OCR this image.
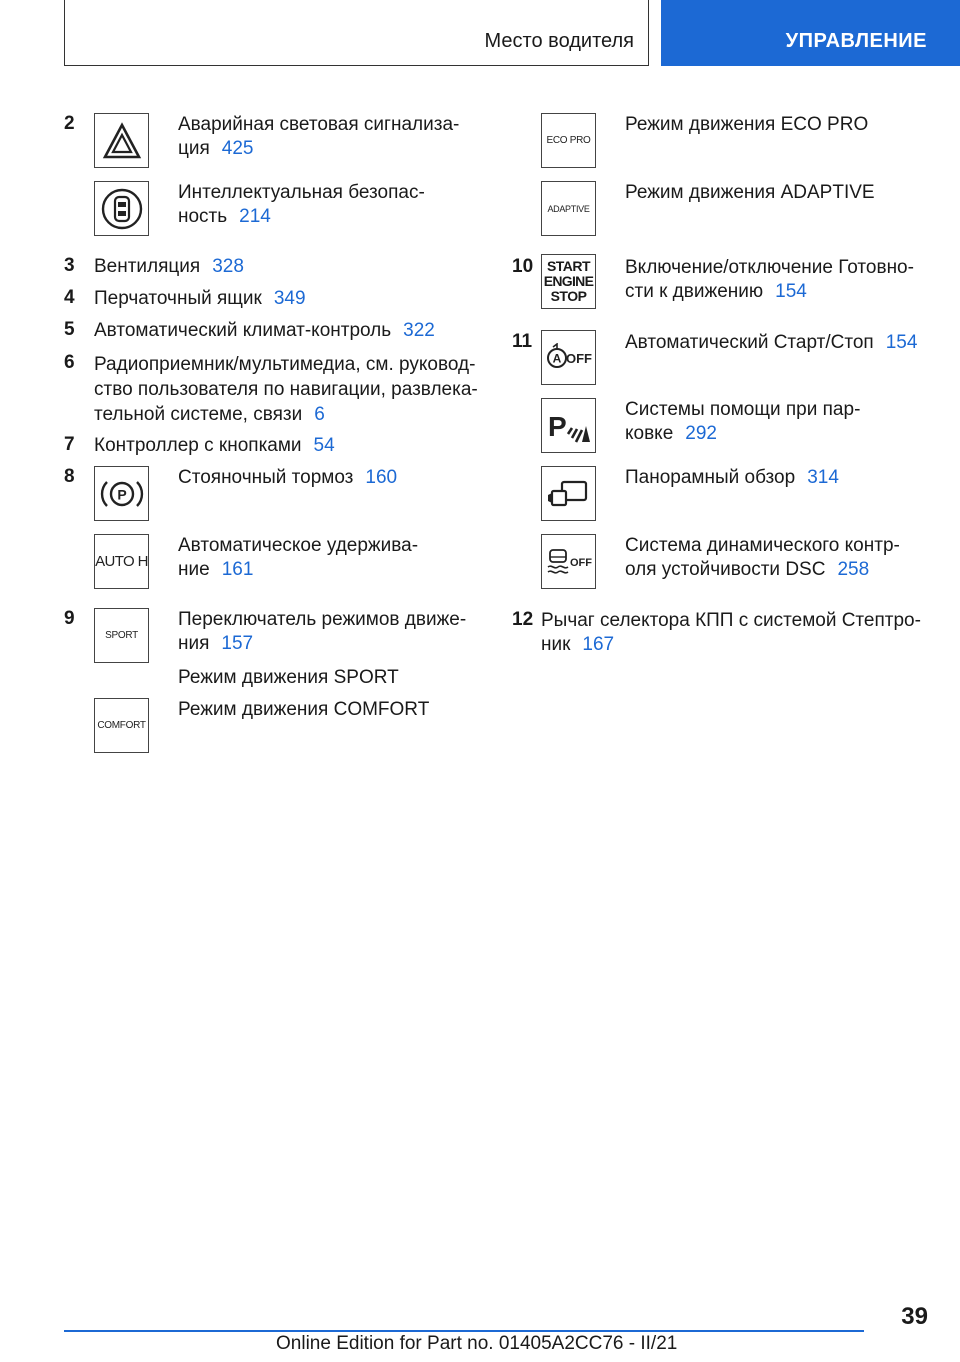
Место водителя	УПРАВЛЕНИЕ
2	Аварийная световая сигнализа-
ция 425
Интеллектуальная безопас-
ность 214
3 Вентиляция 328
4 Перчаточный ящик 349
5 Автоматический климат-контроль 322
6 Радиоприемник/мультимедиа, см. руковод-
ство пользователя по навигации, развлека-
тельной системе, связи 6
7 Контроллер с кнопками 54
8
P
Стояночный тормоз 160
AUTO H
Автоматическое удержива-
ние 161
9
SPORT
Переключатель режимов движе-
ния 157
Режим движения SPORT
COMFORT
Режим движения COMFORT
ECO PRO
Режим движения ECO PRO
ADAPTIVE
Режим движения ADAPTIVE
10 START
ENGINE
STOP
Включение/отключение Готовно-
сти к движению 154
11
A OFF
Автоматический Старт/Стоп 154
P
Системы помощи при пар-
ковке 292
Панорамный обзор 314
OFF
Система динамического контр-
оля устойчивости DSC 258
12 Рычаг селектора КПП с системой Стептро-
ник 167
39
Online Edition for Part no. 01405A2CC76 - II/21
